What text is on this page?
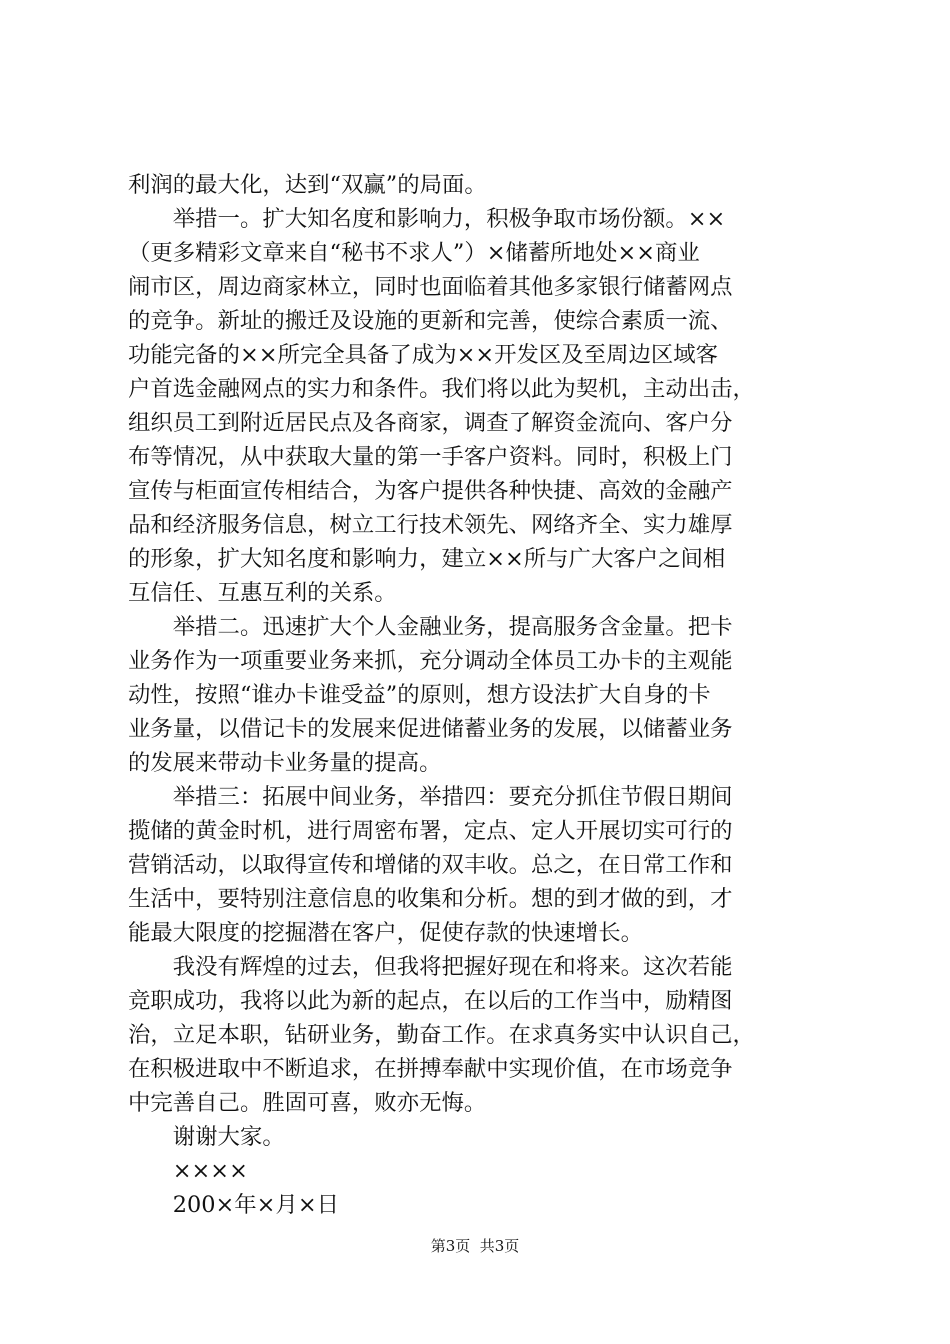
利润的最大化，达到“双赢”的局面。
　　举措一。扩大知名度和影响力，积极争取市场份额。××
（更多精彩文章来自“秘书不求人”）×储蓄所地处××商业
闹市区，周边商家林立，同时也面临着其他多家银行储蓄网点
的竞争。新址的搬迁及设施的更新和完善，使综合素质一流、
功能完备的××所完全具备了成为××开发区及至周边区域客
户首选金融网点的实力和条件。我们将以此为契机，主动出击，
组织员工到附近居民点及各商家，调查了解资金流向、客户分
布等情况，从中获取大量的第一手客户资料。同时，积极上门
宣传与柜面宣传相结合，为客户提供各种快捷、高效的金融产
品和经济服务信息，树立工行技术领先、网络齐全、实力雄厚
的形象，扩大知名度和影响力，建立××所与广大客户之间相
互信任、互惠互利的关系。
　　举措二。迅速扩大个人金融业务，提高服务含金量。把卡
业务作为一项重要业务来抓，充分调动全体员工办卡的主观能
动性，按照“谁办卡谁受益”的原则，想方设法扩大自身的卡
业务量，以借记卡的发展来促进储蓄业务的发展，以储蓄业务
的发展来带动卡业务量的提高。
　　举措三：拓展中间业务，举措四：要充分抓住节假日期间
揽储的黄金时机，进行周密布署，定点、定人开展切实可行的
营销活动，以取得宣传和增储的双丰收。总之，在日常工作和
生活中，要特别注意信息的收集和分析。想的到才做的到，才
能最大限度的挖掘潜在客户，促使存款的快速增长。
　　我没有辉煌的过去，但我将把握好现在和将来。这次若能
竞职成功，我将以此为新的起点，在以后的工作当中，励精图
治，立足本职，钻研业务，勤奋工作。在求真务实中认识自己，
在积极进取中不断追求，在拼搏奉献中实现价值，在市场竞争
中完善自己。胜固可喜，败亦无悔。
　　谢谢大家。
　　××××
　　200×年×月×日
第3页  共3页
